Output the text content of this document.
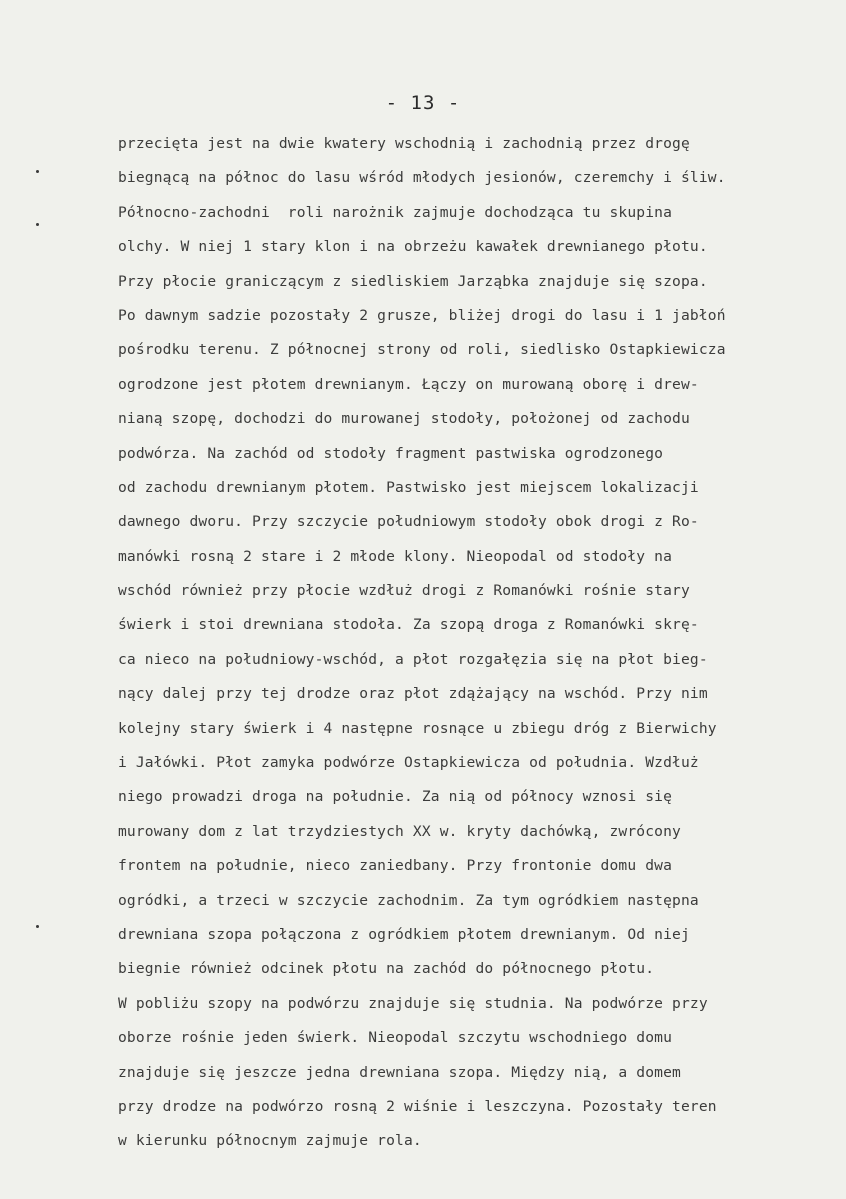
- 13 -
przecięta jest na dwie kwatery wschodnią i zachodnią przez drogę
biegnącą na północ do lasu wśród młodych jesionów, czeremchy i śliw.
Północno-zachodni  roli narożnik zajmuje dochodząca tu skupina
olchy. W niej 1 stary klon i na obrzeżu kawałek drewnianego płotu.
Przy płocie graniczącym z siedliskiem Jarząbka znajduje się szopa.
Po dawnym sadzie pozostały 2 grusze, bliżej drogi do lasu i 1 jabłoń
pośrodku terenu. Z północnej strony od roli, siedlisko Ostapkiewicza
ogrodzone jest płotem drewnianym. Łączy on murowaną oborę i drew-
nianą szopę, dochodzi do murowanej stodoły, położonej od zachodu
podwórza. Na zachód od stodoły fragment pastwiska ogrodzonego
od zachodu drewnianym płotem. Pastwisko jest miejscem lokalizacji
dawnego dworu. Przy szczycie południowym stodoły obok drogi z Ro-
manówki rosną 2 stare i 2 młode klony. Nieopodal od stodoły na
wschód również przy płocie wzdłuż drogi z Romanówki rośnie stary
świerk i stoi drewniana stodoła. Za szopą droga z Romanówki skrę-
ca nieco na południowy-wschód, a płot rozgałęzia się na płot bieg-
nący dalej przy tej drodze oraz płot zdążający na wschód. Przy nim
kolejny stary świerk i 4 następne rosnące u zbiegu dróg z Bierwichy
i Jałówki. Płot zamyka podwórze Ostapkiewicza od południa. Wzdłuż
niego prowadzi droga na południe. Za nią od północy wznosi się
murowany dom z lat trzydziestych XX w. kryty dachówką, zwrócony
frontem na południe, nieco zaniedbany. Przy frontonie domu dwa
ogródki, a trzeci w szczycie zachodnim. Za tym ogródkiem następna
drewniana szopa połączona z ogródkiem płotem drewnianym. Od niej
biegnie również odcinek płotu na zachód do północnego płotu.
W pobliżu szopy na podwórzu znajduje się studnia. Na podwórze przy
oborze rośnie jeden świerk. Nieopodal szczytu wschodniego domu
znajduje się jeszcze jedna drewniana szopa. Między nią, a domem
przy drodze na podwórzo rosną 2 wiśnie i leszczyna. Pozostały teren
w kierunku północnym zajmuje rola.
